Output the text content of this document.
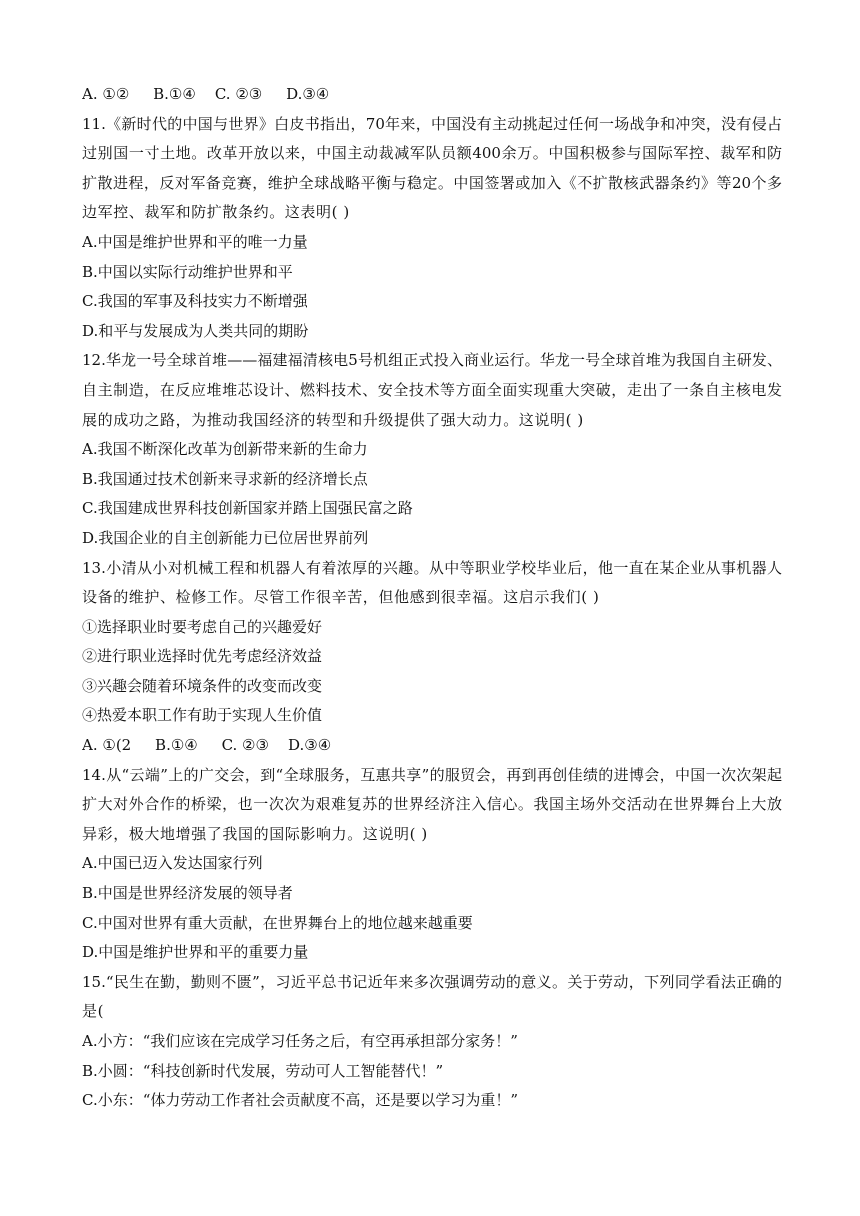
A. ①②     B.①④    C. ②③     D.③④
11.《新时代的中国与世界》白皮书指出，70年来，中国没有主动挑起过任何一场战争和冲突，没有侵占
过别国一寸土地。改革开放以来，中国主动裁减军队员额400余万。中国积极参与国际军控、裁军和防
扩散进程，反对军备竞赛，维护全球战略平衡与稳定。中国签署或加入《不扩散核武器条约》等20个多
边军控、裁军和防扩散条约。这表明( )
A.中国是维护世界和平的唯一力量
B.中国以实际行动维护世界和平
C.我国的军事及科技实力不断增强
D.和平与发展成为人类共同的期盼
12.华龙一号全球首堆——福建福清核电5号机组正式投入商业运行。华龙一号全球首堆为我国自主研发、
自主制造，在反应堆堆芯设计、燃料技术、安全技术等方面全面实现重大突破，走出了一条自主核电发
展的成功之路，为推动我国经济的转型和升级提供了强大动力。这说明( )
A.我国不断深化改革为创新带来新的生命力
B.我国通过技术创新来寻求新的经济增长点
C.我国建成世界科技创新国家并踏上国强民富之路
D.我国企业的自主创新能力已位居世界前列
13.小清从小对机械工程和机器人有着浓厚的兴趣。从中等职业学校毕业后，他一直在某企业从事机器人
设备的维护、检修工作。尽管工作很辛苦，但他感到很幸福。这启示我们( )
①选择职业时要考虑自己的兴趣爱好
②进行职业选择时优先考虑经济效益
③兴趣会随着环境条件的改变而改变
④热爱本职工作有助于实现人生价值
A. ①(2     B.①④     C. ②③    D.③④
14.从“云端”上的广交会，到“全球服务，互惠共享”的服贸会，再到再创佳绩的进博会，中国一次次架起
扩大对外合作的桥梁，也一次次为艰难复苏的世界经济注入信心。我国主场外交活动在世界舞台上大放
异彩，极大地增强了我国的国际影响力。这说明( )
A.中国已迈入发达国家行列
B.中国是世界经济发展的领导者
C.中国对世界有重大贡献，在世界舞台上的地位越来越重要
D.中国是维护世界和平的重要力量
15.“民生在勤，勤则不匮”，习近平总书记近年来多次强调劳动的意义。关于劳动，下列同学看法正确的
是(
A.小方：“我们应该在完成学习任务之后，有空再承担部分家务！”
B.小圆：“科技创新时代发展，劳动可人工智能替代！”
C.小东：“体力劳动工作者社会贡献度不高，还是要以学习为重！”
